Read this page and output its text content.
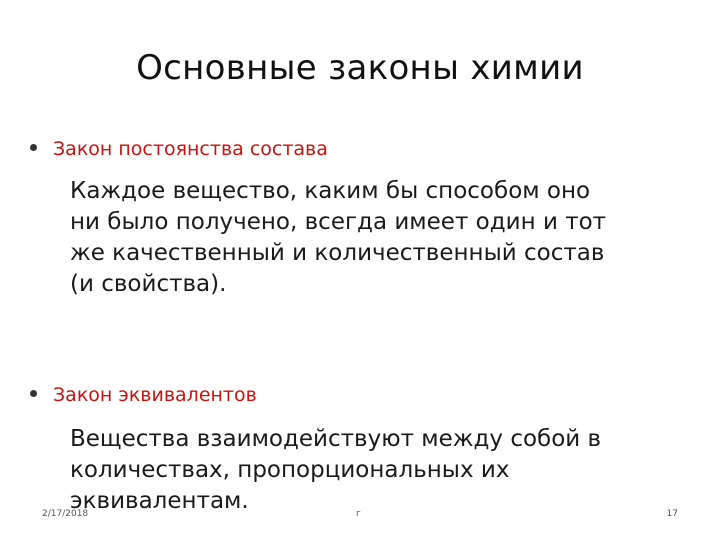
Основные законы химии
Закон постоянства состава
Каждое вещество, каким бы способом оно
ни было получено, всегда имеет один и тот
же качественный и количественный состав
(и свойства).
Закон эквивалентов
Вещества взаимодействуют между собой в
количествах, пропорциональных их
эквивалентам.
2/17/2018	г	17
